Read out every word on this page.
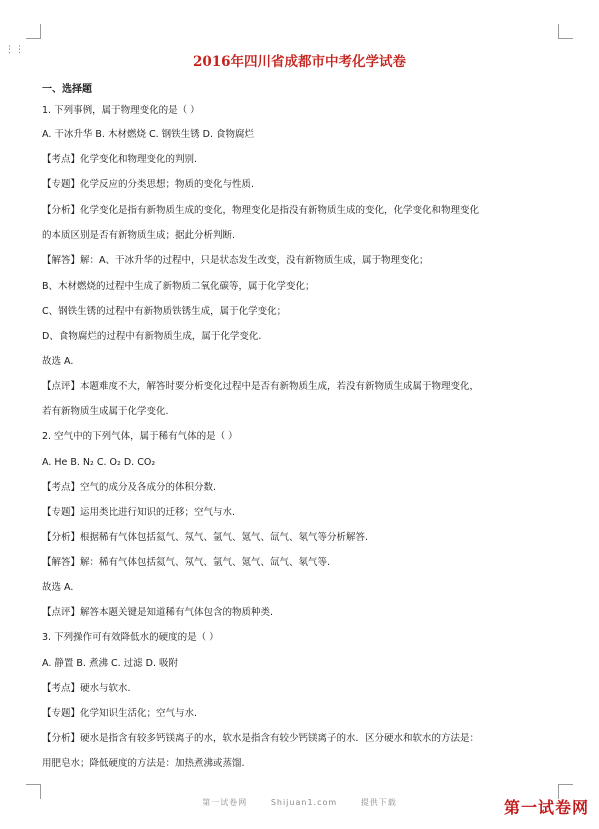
⋮⋮
2016年四川省成都市中考化学试卷
一、选择题
1. 下列事例，属于物理变化的是（ ）
A. 干冰升华 B. 木材燃烧 C. 钢铁生锈 D. 食物腐烂
【考点】化学变化和物理变化的判别.
【专题】化学反应的分类思想；物质的变化与性质.
【分析】化学变化是指有新物质生成的变化，物理变化是指没有新物质生成的变化，化学变化和物理变化
的本质区别是否有新物质生成；据此分析判断.
【解答】解：A、干冰升华的过程中，只是状态发生改变，没有新物质生成，属于物理变化；
B、木材燃烧的过程中生成了新物质二氧化碳等，属于化学变化；
C、钢铁生锈的过程中有新物质铁锈生成，属于化学变化；
D、食物腐烂的过程中有新物质生成，属于化学变化.
故选 A.
【点评】本题难度不大，解答时要分析变化过程中是否有新物质生成，若没有新物质生成属于物理变化，
若有新物质生成属于化学变化.
2. 空气中的下列气体，属于稀有气体的是（ ）
A. He B. N₂ C. O₂ D. CO₂
【考点】空气的成分及各成分的体积分数.
【专题】运用类比进行知识的迁移；空气与水.
【分析】根据稀有气体包括氦气、氖气、氩气、氪气、氙气、氡气等分析解答.
【解答】解：稀有气体包括氦气、氖气、氩气、氪气、氙气、氡气等.
故选 A.
【点评】解答本题关键是知道稀有气体包含的物质种类.
3. 下列操作可有效降低水的硬度的是（ ）
A. 静置 B. 煮沸 C. 过滤 D. 吸附
【考点】硬水与软水.
【专题】化学知识生活化；空气与水.
【分析】硬水是指含有较多钙镁离子的水，软水是指含有较少钙镁离子的水．区分硬水和软水的方法是：
用肥皂水；降低硬度的方法是：加热煮沸或蒸馏.
第一试卷网	Shijuan1.com	提供下载	第一试卷网
